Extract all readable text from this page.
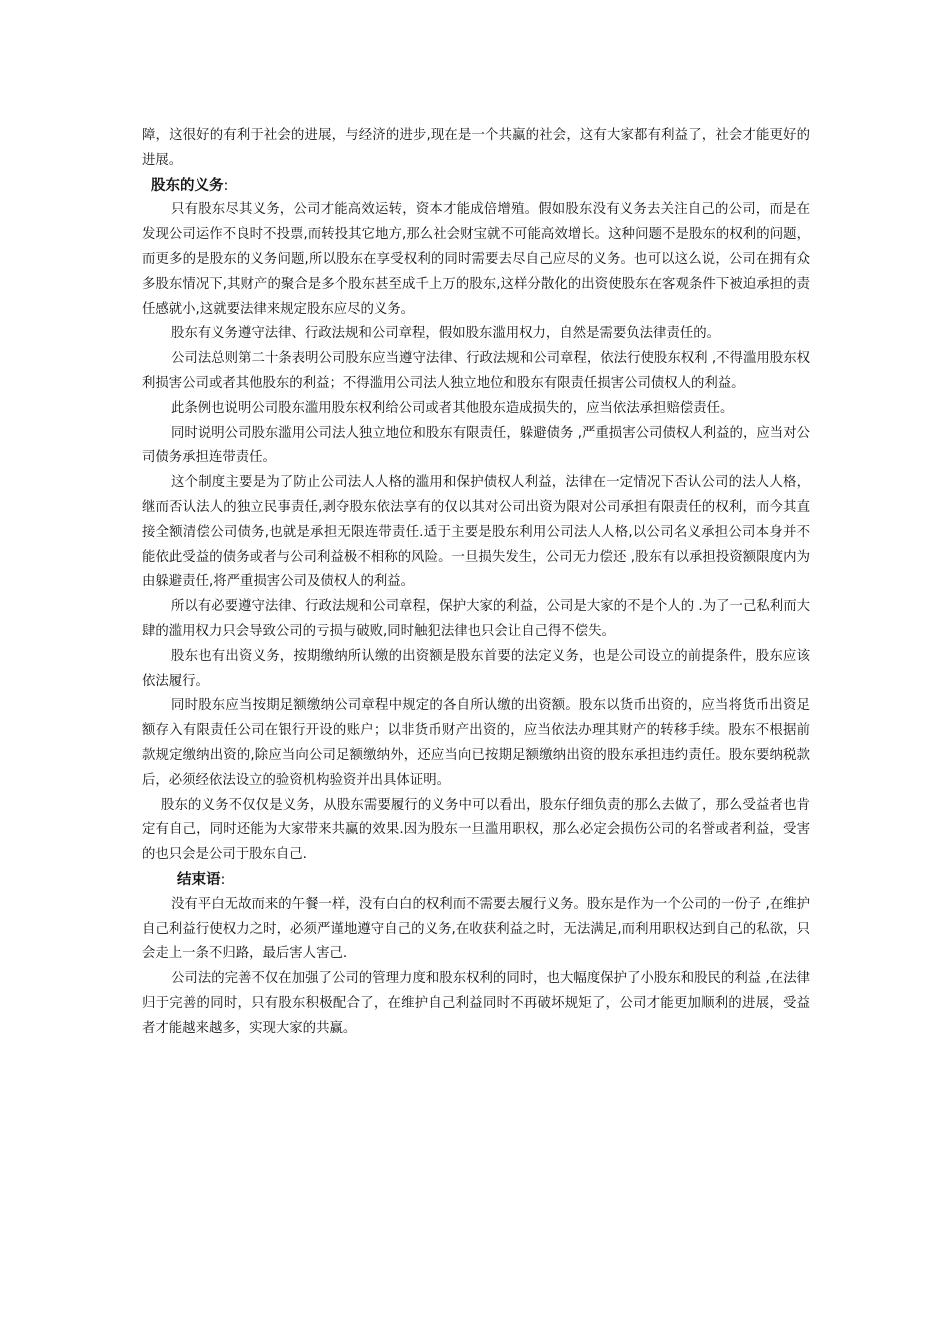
障，这很好的有利于社会的进展，与经济的进步,现在是一个共赢的社会，这有大家都有利益了，社会才能更好的进展。

股东的义务:

只有股东尽其义务，公司才能高效运转，资本才能成倍增殖。假如股东没有义务去关注自己的公司，而是在发现公司运作不良时不投票,而转投其它地方,那么社会财宝就不可能高效增长。这种问题不是股东的权利的问题，而更多的是股东的义务问题,所以股东在享受权利的同时需要去尽自己应尽的义务。也可以这么说，公司在拥有众多股东情况下,其财产的聚合是多个股东甚至成千上万的股东,这样分散化的出资使股东在客观条件下被迫承担的责任感就小,这就要法律来规定股东应尽的义务。

股东有义务遵守法律、行政法规和公司章程，假如股东滥用权力，自然是需要负法律责任的。

公司法总则第二十条表明公司股东应当遵守法律、行政法规和公司章程，依法行使股东权利 ,不得滥用股东权利损害公司或者其他股东的利益；不得滥用公司法人独立地位和股东有限责任损害公司债权人的利益。

此条例也说明公司股东滥用股东权利给公司或者其他股东造成损失的，应当依法承担赔偿责任。

同时说明公司股东滥用公司法人独立地位和股东有限责任，躲避债务 ,严重损害公司债权人利益的，应当对公司债务承担连带责任。

这个制度主要是为了防止公司法人人格的滥用和保护债权人利益，法律在一定情况下否认公司的法人人格，继而否认法人的独立民事责任,剥夺股东依法享有的仅以其对公司出资为限对公司承担有限责任的权利，而今其直接全额清偿公司债务,也就是承担无限连带责任.适于主要是股东利用公司法人人格,以公司名义承担公司本身并不能依此受益的债务或者与公司利益极不相称的风险。一旦损失发生，公司无力偿还 ,股东有以承担投资额限度内为由躲避责任,将严重损害公司及债权人的利益。

所以有必要遵守法律、行政法规和公司章程，保护大家的利益，公司是大家的不是个人的 .为了一己私利而大肆的滥用权力只会导致公司的亏损与破败,同时触犯法律也只会让自己得不偿失。

股东也有出资义务，按期缴纳所认缴的出资额是股东首要的法定义务，也是公司设立的前提条件，股东应该依法履行。

同时股东应当按期足额缴纳公司章程中规定的各自所认缴的出资额。股东以货币出资的，应当将货币出资足额存入有限责任公司在银行开设的账户；以非货币财产出资的，应当依法办理其财产的转移手续。股东不根据前款规定缴纳出资的,除应当向公司足额缴纳外，还应当向已按期足额缴纳出资的股东承担违约责任。股东要纳税款后，必须经依法设立的验资机构验资并出具体证明。

股东的义务不仅仅是义务，从股东需要履行的义务中可以看出，股东仔细负责的那么去做了，那么受益者也肯定有自己，同时还能为大家带来共赢的效果.因为股东一旦滥用职权，那么必定会损伤公司的名誉或者利益，受害的也只会是公司于股东自己.

结束语:

没有平白无故而来的午餐一样，没有白白的权利而不需要去履行义务。股东是作为一个公司的一份子 ,在维护自己利益行使权力之时，必须严谨地遵守自己的义务,在收获利益之时，无法满足,而利用职权达到自己的私欲，只会走上一条不归路，最后害人害己.

公司法的完善不仅在加强了公司的管理力度和股东权利的同时，也大幅度保护了小股东和股民的利益 ,在法律归于完善的同时，只有股东积极配合了，在维护自己利益同时不再破坏规矩了，公司才能更加顺利的进展，受益者才能越来越多，实现大家的共赢。
